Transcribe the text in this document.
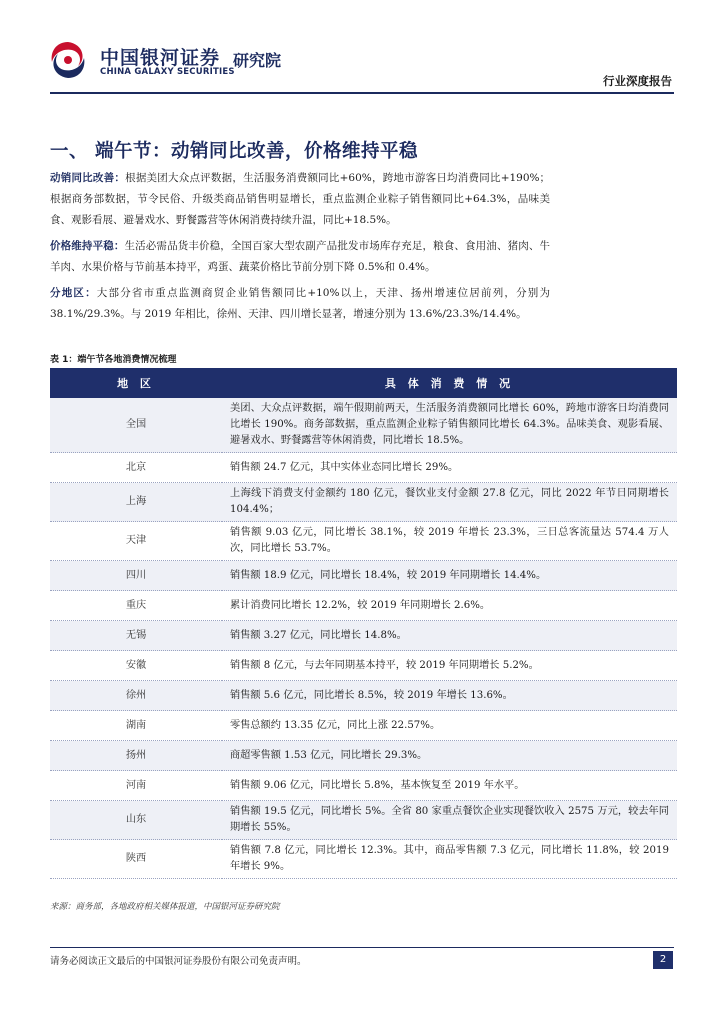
中国银河证券
CHINA GALAXY SECURITIES
研究院
行业深度报告
一、 端午节：动销同比改善，价格维持平稳
动销同比改善：根据美团大众点评数据，生活服务消费额同比+60%，跨地市游客日均消费同比+190%；根据商务部数据，节令民俗、升级类商品销售明显增长，重点监测企业粽子销售额同比+64.3%，品味美食、观影看展、避暑戏水、野餐露营等休闲消费持续升温，同比+18.5%。
价格维持平稳：生活必需品货丰价稳，全国百家大型农副产品批发市场库存充足，粮食、食用油、猪肉、牛羊肉、水果价格与节前基本持平，鸡蛋、蔬菜价格比节前分别下降 0.5%和 0.4%。
分地区：大部分省市重点监测商贸企业销售额同比+10%以上，天津、扬州增速位居前列，分别为 38.1%/29.3%。与 2019 年相比，徐州、天津、四川增长显著，增速分别为 13.6%/23.3%/14.4%。
表 1：端午节各地消费情况梳理
地 区	具 体 消 费 情 况
全国	美团、大众点评数据，端午假期前两天，生活服务消费额同比增长 60%，跨地市游客日均消费同比增长 190%。商务部数据，重点监测企业粽子销售额同比增长 64.3%。品味美食、观影看展、避暑戏水、野餐露营等休闲消费，同比增长 18.5%。
北京	销售额 24.7 亿元，其中实体业态同比增长 29%。
上海	上海线下消费支付金额约 180 亿元，餐饮业支付金额 27.8 亿元，同比 2022 年节日同期增长 104.4%；
天津	销售额 9.03 亿元，同比增长 38.1%，较 2019 年增长 23.3%，三日总客流量达 574.4 万人次，同比增长 53.7%。
四川	销售额 18.9 亿元，同比增长 18.4%，较 2019 年同期增长 14.4%。
重庆	累计消费同比增长 12.2%，较 2019 年同期增长 2.6%。
无锡	销售额 3.27 亿元，同比增长 14.8%。
安徽	销售额 8 亿元，与去年同期基本持平，较 2019 年同期增长 5.2%。
徐州	销售额 5.6 亿元，同比增长 8.5%，较 2019 年增长 13.6%。
湖南	零售总额约 13.35 亿元，同比上涨 22.57%。
扬州	商超零售额 1.53 亿元，同比增长 29.3%。
河南	销售额 9.06 亿元，同比增长 5.8%，基本恢复至 2019 年水平。
山东	销售额 19.5 亿元，同比增长 5%。全省 80 家重点餐饮企业实现餐饮收入 2575 万元，较去年同期增长 55%。
陕西	销售额 7.8 亿元，同比增长 12.3%。其中，商品零售额 7.3 亿元，同比增长 11.8%，较 2019 年增长 9%。
来源：商务部，各地政府相关媒体报道，中国银河证券研究院
请务必阅读正文最后的中国银河证券股份有限公司免责声明。	2
